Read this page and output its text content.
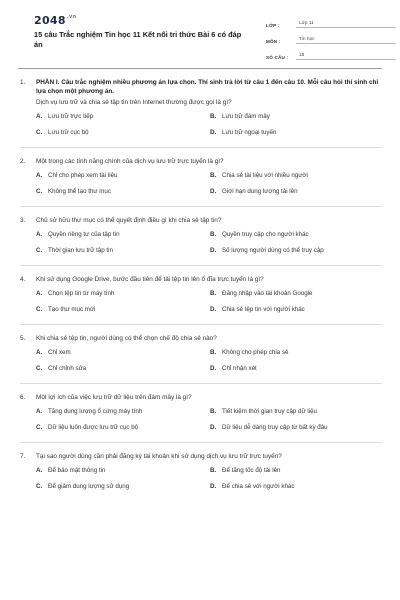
$2048^{.vn}$
15 câu Trắc nghiệm Tin học 11 Kết nối tri thức Bài 6 có đáp án
LỚP :	Lớp 11
MÔN :	Tin học
SỐ CÂU :	15
1.	PHẦN I. Câu trắc nghiệm nhiều phương án lựa chọn. Thí sinh trả lời từ câu 1 đến câu 10. Mỗi câu hỏi thí sinh chỉ lựa chọn một phương án.
Dịch vụ lưu trữ và chia sẻ tập tin trên Internet thường được gọi là gì?
A. Lưu trữ trực tiếp	B. Lưu trữ đám mây
C. Lưu trữ cục bộ	D. Lưu trữ ngoại tuyến
2.	Một trong các tính năng chính của dịch vụ lưu trữ trực tuyến là gì?
A. Chỉ cho phép xem tài liệu	B. Chia sẻ tài liệu với nhiều người
C. Không thể tạo thư mục	D. Giới hạn dung lượng tải lên
3.	Chủ sở hữu thư mục có thể quyết định điều gì khi chia sẻ tập tin?
A. Quyền riêng tư của tập tin	B. Quyền truy cập cho người khác
C. Thời gian lưu trữ tập tin	D. Số lượng người dùng có thể truy cập
4.	Khi sử dụng Google Drive, bước đầu tiên để tải tệp tin lên ổ đĩa trực tuyến là gì?
A. Chọn tệp tin từ máy tính	B. Đăng nhập vào tài khoản Google
C. Tạo thư mục mới	D. Chia sẻ tệp tin với người khác
5.	Khi chia sẻ tệp tin, người dùng có thể chọn chế độ chia sẻ nào?
A. Chỉ xem	B. Không cho phép chia sẻ
C. Chỉ chỉnh sửa	D. Chỉ nhận xét
6.	Một lợi ích của việc lưu trữ dữ liệu trên đám mây là gì?
A. Tăng dung lượng ổ cứng máy tính	B. Tiết kiệm thời gian truy cập dữ liệu
C. Dữ liệu luôn được lưu trữ cục bộ	D. Dữ liệu dễ dàng truy cập từ bất kỳ đâu
7.	Tại sao người dùng cần phải đăng ký tài khoản khi sử dụng dịch vụ lưu trữ trực tuyến?
A. Để bảo mật thông tin	B. Để tăng tốc độ tải lên
C. Để giảm dung lượng sử dụng	D. Để chia sẻ với người khác
